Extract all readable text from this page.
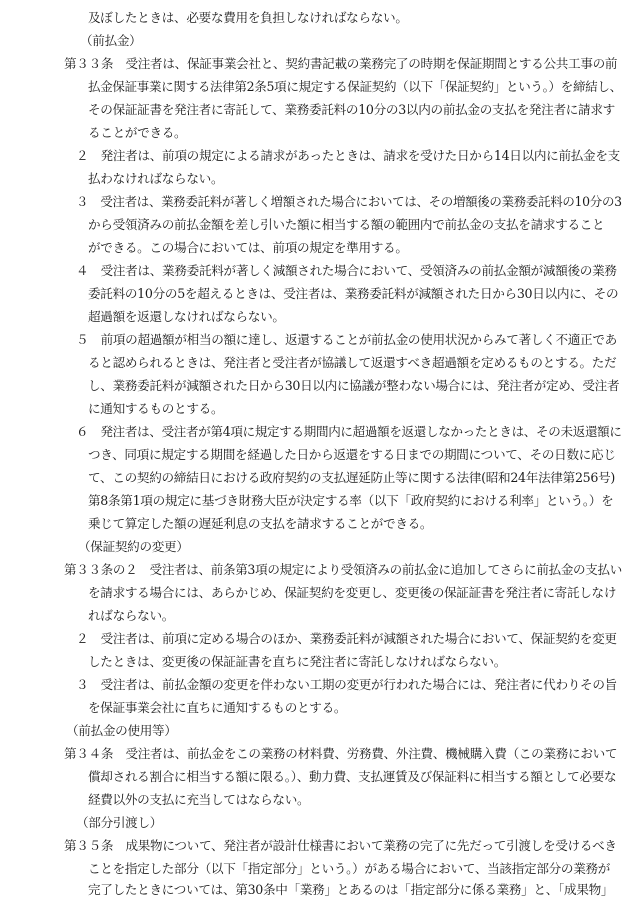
及ぼしたときは、必要な費用を負担しなければならない。
（前払金）
第３３条　受注者は、保証事業会社と、契約書記載の業務完了の時期を保証期間とする公共工事の前
払金保証事業に関する法律第2条5項に規定する保証契約（以下「保証契約」という。）を締結し、
その保証証書を発注者に寄託して、業務委託料の10分の3以内の前払金の支払を発注者に請求す
ることができる。
２　発注者は、前項の規定による請求があったときは、請求を受けた日から14日以内に前払金を支
払わなければならない。
３　受注者は、業務委託料が著しく増額された場合においては、その増額後の業務委託料の10分の3
から受領済みの前払金額を差し引いた額に相当する額の範囲内で前払金の支払を請求すること
ができる。この場合においては、前項の規定を準用する。
４　受注者は、業務委託料が著しく減額された場合において、受領済みの前払金額が減額後の業務
委託料の10分の5を超えるときは、受注者は、業務委託料が減額された日から30日以内に、その
超過額を返還しなければならない。
５　前項の超過額が相当の額に達し、返還することが前払金の使用状況からみて著しく不適正であ
ると認められるときは、発注者と受注者が協議して返還すべき超過額を定めるものとする。ただ
し、業務委託料が減額された日から30日以内に協議が整わない場合には、発注者が定め、受注者
に通知するものとする。
６　発注者は、受注者が第4項に規定する期間内に超過額を返還しなかったときは、その未返還額に
つき、同項に規定する期間を経過した日から返還をする日までの期間について、その日数に応じ
て、この契約の締結日における政府契約の支払遅延防止等に関する法律(昭和24年法律第256号)
第8条第1項の規定に基づき財務大臣が決定する率（以下「政府契約における利率」という。）を
乗じて算定した額の遅延利息の支払を請求することができる。
（保証契約の変更）
第３３条の２　受注者は、前条第3項の規定により受領済みの前払金に追加してさらに前払金の支払い
を請求する場合には、あらかじめ、保証契約を変更し、変更後の保証証書を発注者に寄託しなけ
ればならない。
２　受注者は、前項に定める場合のほか、業務委託料が減額された場合において、保証契約を変更
したときは、変更後の保証証書を直ちに発注者に寄託しなければならない。
３　受注者は、前払金額の変更を伴わない工期の変更が行われた場合には、発注者に代わりその旨
を保証事業会社に直ちに通知するものとする。
（前払金の使用等）
第３４条　受注者は、前払金をこの業務の材料費、労務費、外注費、機械購入費（この業務において
償却される割合に相当する額に限る。）、動力費、支払運賃及び保証料に相当する額として必要な
経費以外の支払に充当してはならない。
（部分引渡し）
第３５条　成果物について、発注者が設計仕様書において業務の完了に先だって引渡しを受けるべき
ことを指定した部分（以下「指定部分」という。）がある場合において、当該指定部分の業務が
完了したときについては、第30条中「業務」とあるのは「指定部分に係る業務」と、「成果物」
